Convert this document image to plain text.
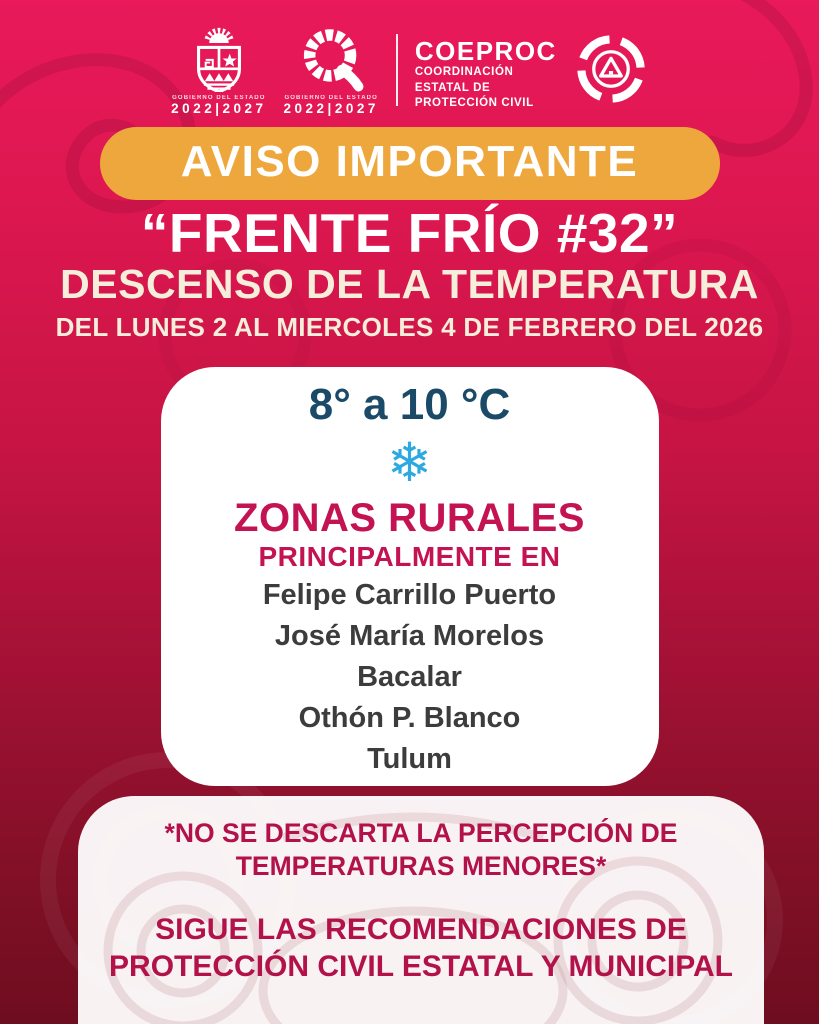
GOBIERNO DEL ESTADO
2022|2027
GOBIERNO DEL ESTADO
2022|2027
COEPROC
COORDINACIÓN
ESTATAL DE
PROTECCIÓN CIVIL
AVISO IMPORTANTE
“FRENTE FRÍO #32”
DESCENSO DE LA TEMPERATURA
DEL LUNES 2 AL MIERCOLES 4 DE FEBRERO DEL 2026
8° a 10 °C
❄
ZONAS RURALES
PRINCIPALMENTE EN
Felipe Carrillo Puerto
José María Morelos
Bacalar
Othón P. Blanco
Tulum

*NO SE DESCARTA LA PERCEPCIÓN DE
TEMPERATURAS MENORES*

SIGUE LAS RECOMENDACIONES DE
PROTECCIÓN CIVIL ESTATAL Y MUNICIPAL
